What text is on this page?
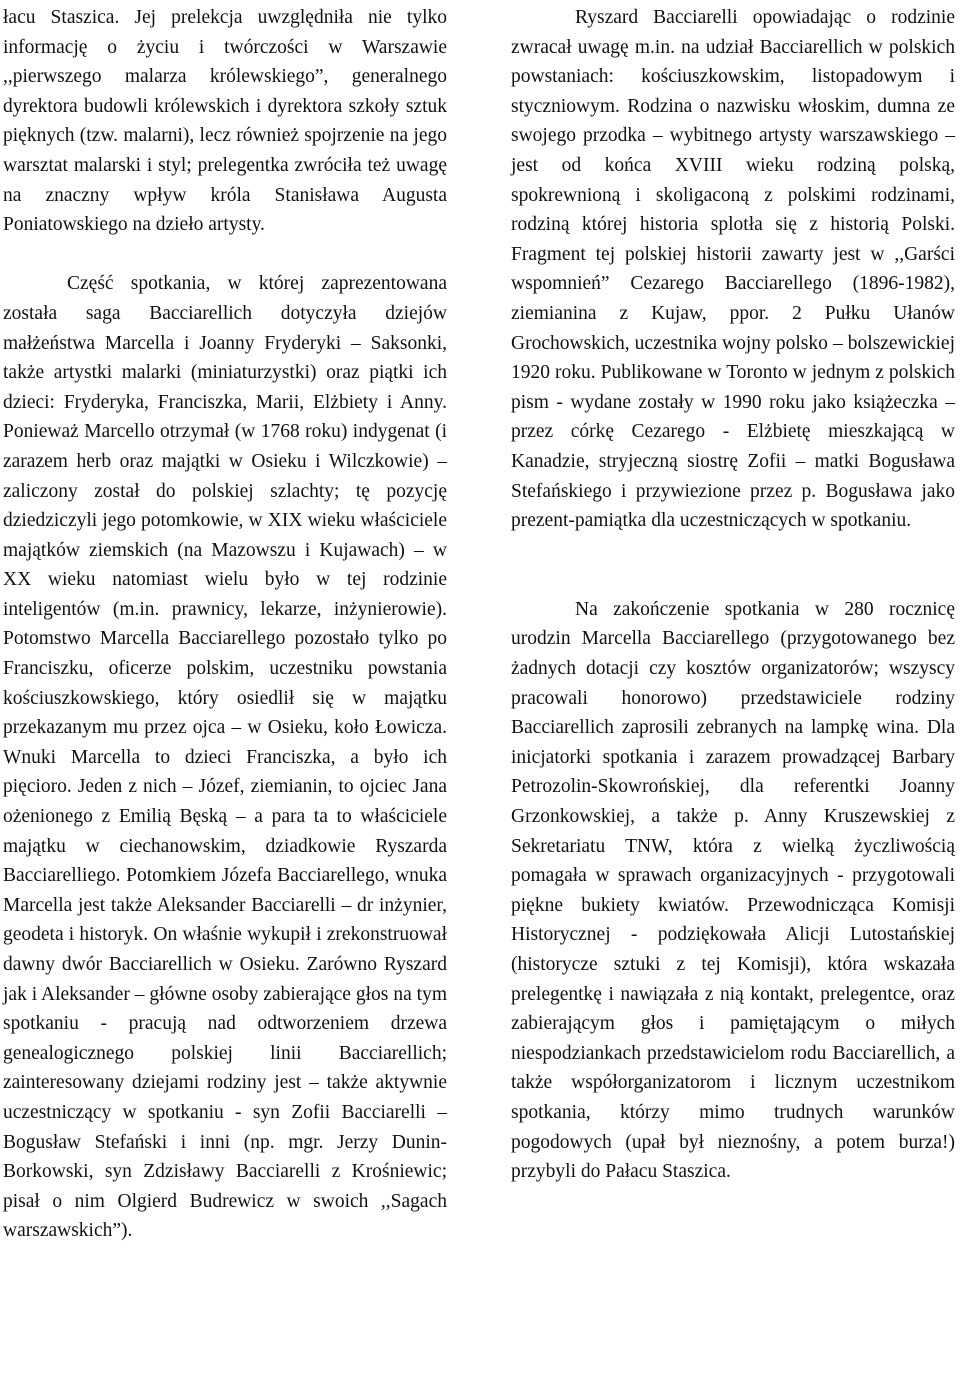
łacu Staszica. Jej prelekcja uwzględniła nie tylko informację o życiu i twórczości w Warszawie ,,pierwszego malarza królewskiego”, generalnego dyrektora budowli królewskich i dyrektora szkoły sztuk pięknych (tzw. malarni), lecz również spojrzenie na jego warsztat malarski i styl; prelegentka zwróciła też uwagę na znaczny wpływ króla Stanisława Augusta Poniatowskiego na dzieło artysty.

Część spotkania, w której zaprezentowana została saga Bacciarellich dotyczyła dziejów małżeństwa Marcella i Joanny Fryderyki – Saksonki, także artystki malarki (miniaturzystki) oraz piątki ich dzieci: Fryderyka, Franciszka, Marii, Elżbiety i Anny. Ponieważ Marcello otrzymał (w 1768 roku) indygenat (i zarazem herb oraz majątki w Osieku i Wilczkowie) – zaliczony został do polskiej szlachty; tę pozycję dziedziczyli jego potomkowie, w XIX wieku właściciele majątków ziemskich (na Mazowszu i Kujawach) – w XX wieku natomiast wielu było w tej rodzinie inteligentów (m.in. prawnicy, lekarze, inżynierowie). Potomstwo Marcella Bacciarellego pozostało tylko po Franciszku, oficerze polskim, uczestniku powstania kościuszkowskiego, który osiedlił się w majątku przekazanym mu przez ojca – w Osieku, koło Łowicza. Wnuki Marcella to dzieci Franciszka, a było ich pięcioro. Jeden z nich – Józef, ziemianin, to ojciec Jana ożenionego z Emilią Bęską – a para ta to właściciele majątku w ciechanowskim, dziadkowie Ryszarda Bacciarelliego. Potomkiem Józefa Bacciarellego, wnuka Marcella jest także Aleksander Bacciarelli – dr inżynier, geodeta i historyk. On właśnie wykupił i zrekonstruował dawny dwór Bacciarellich w Osieku. Zarówno Ryszard jak i Aleksander – główne osoby zabierające głos na tym spotkaniu - pracują nad odtworzeniem drzewa genealogicznego polskiej linii Bacciarellich; zainteresowany dziejami rodziny jest – także aktywnie uczestniczący w spotkaniu - syn Zofii Bacciarelli – Bogusław Stefański i inni (np. mgr. Jerzy Dunin-Borkowski, syn Zdzisławy Bacciarelli z Krośniewic; pisał o nim Olgierd Budrewicz w swoich ,,Sagach warszawskich”).

Ryszard Bacciarelli opowiadając o rodzinie zwracał uwagę m.in. na udział Bacciarellich w polskich powstaniach: kościuszkowskim, listopadowym i styczniowym. Rodzina o nazwisku włoskim, dumna ze swojego przodka – wybitnego artysty warszawskiego – jest od końca XVIII wieku rodziną polską, spokrewnioną i skoligaconą z polskimi rodzinami, rodziną której historia splotła się z historią Polski. Fragment tej polskiej historii zawarty jest w ,,Garści wspomnień” Cezarego Bacciarellego (1896-1982), ziemianina z Kujaw, ppor. 2 Pułku Ułanów Grochowskich, uczestnika wojny polsko – bolszewickiej 1920 roku. Publikowane w Toronto w jednym z polskich pism - wydane zostały w 1990 roku jako książeczka – przez córkę Cezarego - Elżbietę mieszkającą w Kanadzie, stryjeczną siostrę Zofii – matki Bogusława Stefańskiego i przywiezione przez p. Bogusława jako prezent-pamiątka dla uczestniczących w spotkaniu.

Na zakończenie spotkania w 280 rocznicę urodzin Marcella Bacciarellego (przygotowanego bez żadnych dotacji czy kosztów organizatorów; wszyscy pracowali honorowo) przedstawiciele rodziny Bacciarellich zaprosili zebranych na lampkę wina. Dla inicjatorki spotkania i zarazem prowadzącej Barbary Petrozolin-Skowrońskiej, dla referentki Joanny Grzonkowskiej, a także p. Anny Kruszewskiej z Sekretariatu TNW, która z wielką życzliwością pomagała w sprawach organizacyjnych - przygotowali piękne bukiety kwiatów. Przewodnicząca Komisji Historycznej - podziękowała Alicji Lutostańskiej (historycze sztuki z tej Komisji), która wskazała prelegentkę i nawiązała z nią kontakt, prelegentce, oraz zabierającym głos i pamiętającym o miłych niespodziankach przedstawicielom rodu Bacciarellich, a także współorganizatorom i licznym uczestnikom spotkania, którzy mimo trudnych warunków pogodowych (upał był nieznośny, a potem burza!) przybyli do Pałacu Staszica.
